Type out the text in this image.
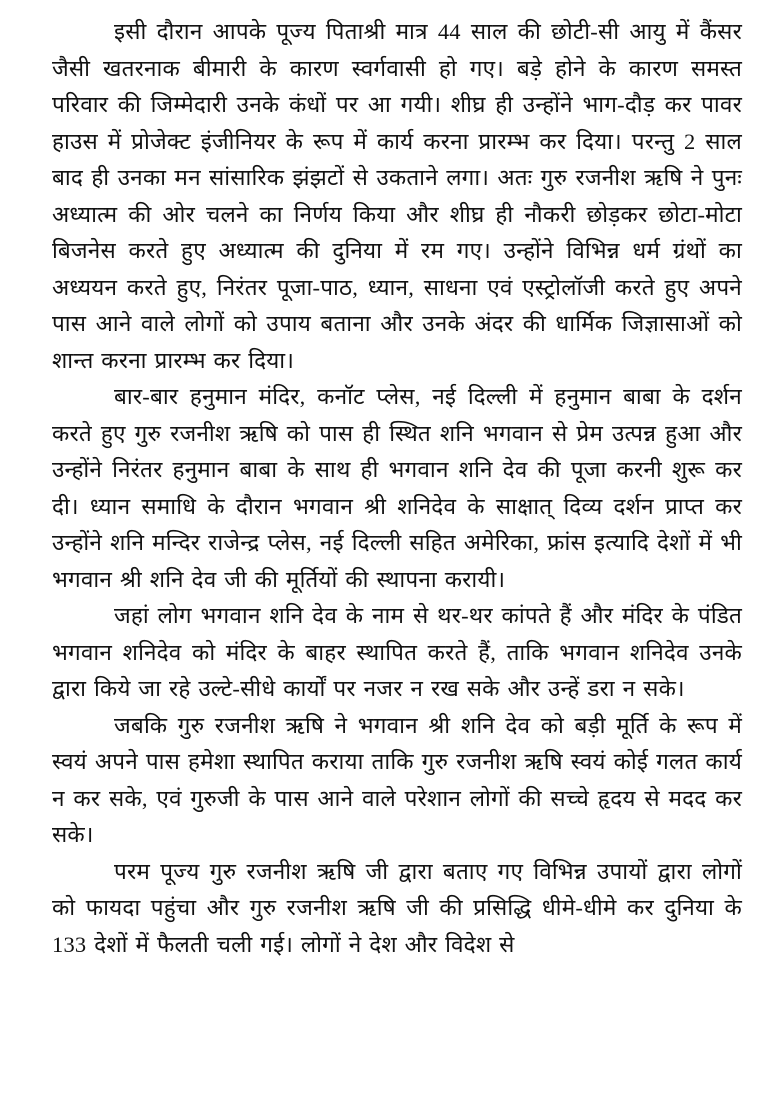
इसी दौरान आपके पूज्य पिताश्री मात्र 44 साल की छोटी-सी आयु में कैंसर जैसी खतरनाक बीमारी के कारण स्वर्गवासी हो गए। बड़े होने के कारण समस्त परिवार की जिम्मेदारी उनके कंधों पर आ गयी। शीघ्र ही उन्होंने भाग-दौड़ कर पावर हाउस में प्रोजेक्ट इंजीनियर के रूप में कार्य करना प्रारम्भ कर दिया। परन्तु 2 साल बाद ही उनका मन सांसारिक झंझटों से उकताने लगा। अतः गुरु रजनीश ऋषि ने पुनः अध्यात्म की ओर चलने का निर्णय किया और शीघ्र ही नौकरी छोड़कर छोटा-मोटा बिजनेस करते हुए अध्यात्म की दुनिया में रम गए। उन्होंने विभिन्न धर्म ग्रंथों का अध्ययन करते हुए, निरंतर पूजा-पाठ, ध्यान, साधना एवं एस्ट्रोलॉजी करते हुए अपने पास आने वाले लोगों को उपाय बताना और उनके अंदर की धार्मिक जिज्ञासाओं को शान्त करना प्रारम्भ कर दिया।

बार-बार हनुमान मंदिर, कनॉट प्लेस, नई दिल्ली में हनुमान बाबा के दर्शन करते हुए गुरु रजनीश ऋषि को पास ही स्थित शनि भगवान से प्रेम उत्पन्न हुआ और उन्होंने निरंतर हनुमान बाबा के साथ ही भगवान शनि देव की पूजा करनी शुरू कर दी। ध्यान समाधि के दौरान भगवान श्री शनिदेव के साक्षात् दिव्य दर्शन प्राप्त कर उन्होंने शनि मन्दिर राजेन्द्र प्लेस, नई दिल्ली सहित अमेरिका, फ्रांस इत्यादि देशों में भी भगवान श्री शनि देव जी की मूर्तियों की स्थापना करायी।

जहां लोग भगवान शनि देव के नाम से थर-थर कांपते हैं और मंदिर के पंडित भगवान शनिदेव को मंदिर के बाहर स्थापित करते हैं, ताकि भगवान शनिदेव उनके द्वारा किये जा रहे उल्टे-सीधे कार्यों पर नजर न रख सके और उन्हें डरा न सके।

जबकि गुरु रजनीश ऋषि ने भगवान श्री शनि देव को बड़ी मूर्ति के रूप में स्वयं अपने पास हमेशा स्थापित कराया ताकि गुरु रजनीश ऋषि स्वयं कोई गलत कार्य न कर सके, एवं गुरुजी के पास आने वाले परेशान लोगों की सच्चे हृदय से मदद कर सके।

परम पूज्य गुरु रजनीश ऋषि जी द्वारा बताए गए विभिन्न उपायों द्वारा लोगों को फायदा पहुंचा और गुरु रजनीश ऋषि जी की प्रसिद्धि धीमे-धीमे कर दुनिया के 133 देशों में फैलती चली गई। लोगों ने देश और विदेश से
